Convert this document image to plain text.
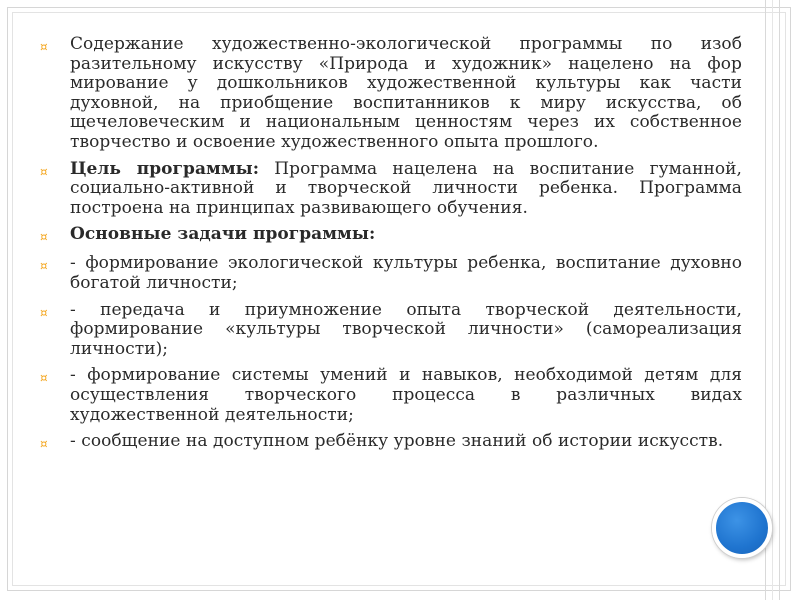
¤	Содержание художественно-экологической программы по изоб разительному искусству «Природа и художник» нацелено на фор мирование у дошкольников художественной культуры как части духовной, на приобщение воспитанников к миру искусства, об щечеловеческим и национальным ценностям через их собственное творчество и освоение художественного опыта прошлого.
¤	Цель программы: Программа нацелена на воспитание гуманной, социально-активной и творческой личности ребенка. Программа построена на принципах развивающего обучения.
¤	Основные задачи программы:
¤	- формирование экологической культуры ребенка, воспитание духовно богатой личности;
¤	- передача и приумножение опыта творческой деятельности, формирование «культуры творческой личности» (самореализация личности);
¤	- формирование системы умений и навыков, необходимой детям для осуществления творческого процесса в различных видах художественной деятельности;
¤	- сообщение на доступном ребёнку уровне знаний об истории искусств.
